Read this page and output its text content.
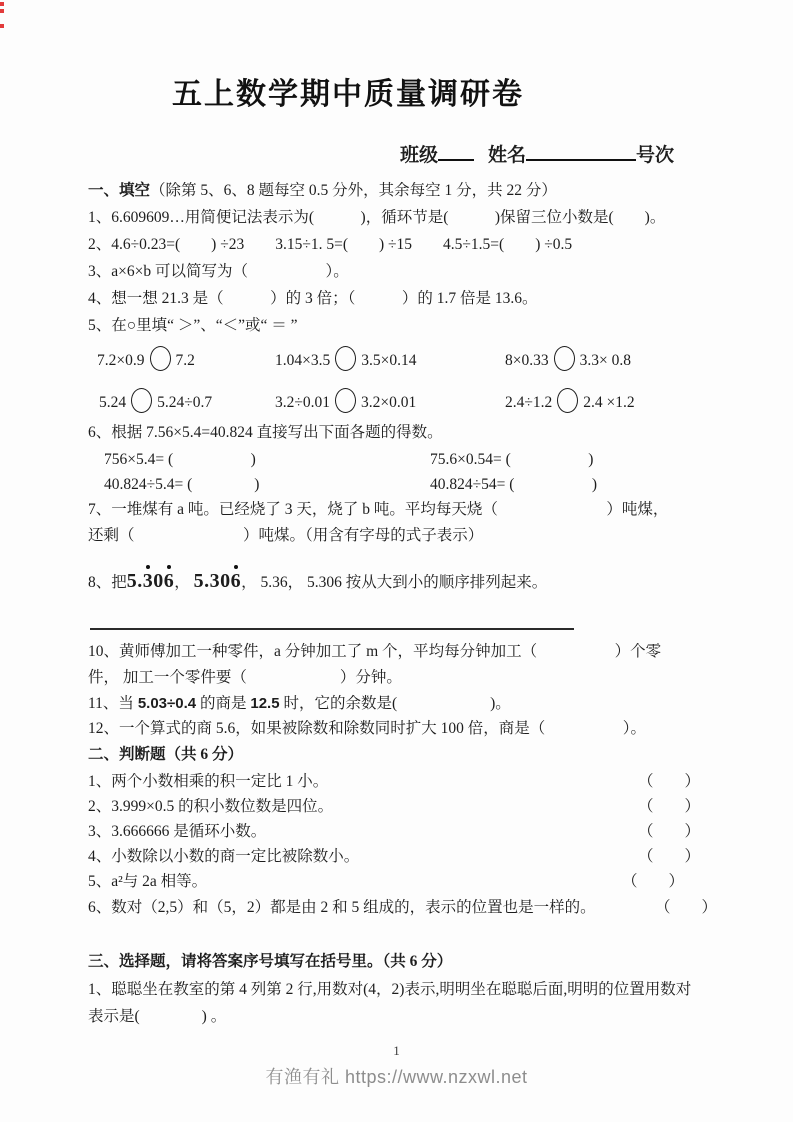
五上数学期中质量调研卷
班级	姓名	号次
一、填空（除第 5、6、8 题每空 0.5 分外，其余每空 1 分，共 22 分）
1、6.609609…用简便记法表示为(　　　)，循环节是(　　　)保留三位小数是(　　)。
2、4.6÷0.23=(　　) ÷23　　3.15÷1. 5=(　　) ÷15　　4.5÷1.5=(　　) ÷0.5
3、a×6×b 可以简写为（　　　　　）。
4、想一想 21.3 是（　　　）的 3 倍；（　　　）的 1.7 倍是 13.6。
5、在○里填“ ＞”、“＜”或“ ＝ ”
7.2×0.9 7.2	1.04×3.5 3.5×0.14	8×0.33 3.3× 0.8
5.24 5.24÷0.7	3.2÷0.01 3.2×0.01	2.4÷1.2 2.4 ×1.2
6、根据 7.56×5.4=40.824 直接写出下面各题的得数。
756×5.4= (　　　　　)	75.6×0.54= (　　　　　)
40.824÷5.4= (　　　　)	40.824÷54= (　　　　　)
7、一堆煤有 a 吨。已经烧了 3 天，烧了 b 吨。平均每天烧（　　　　　　　）吨煤，
还剩（　　　　　　　）吨煤。（用含有字母的式子表示）
8、把5.306， 5.306， 5.36， 5.306 按从大到小的顺序排列起来。
10、黄师傅加工一种零件，a 分钟加工了 m 个，平均每分钟加工（　　　　　）个零
件， 加工一个零件要（　　　　　　）分钟。
11、当 5.03÷0.4 的商是 12.5 时，它的余数是(　　　　　　)。
12、一个算式的商 5.6，如果被除数和除数同时扩大 100 倍，商是（　　　　　）。
二、判断题（共 6 分）
1、两个小数相乘的积一定比 1 小。	（　　）
2、3.999×0.5 的积小数位数是四位。	（　　）
3、3.666666 是循环小数。	（　　）
4、小数除以小数的商一定比被除数小。	（　　）
5、a²与 2a 相等。	（　　）
6、数对（2,5）和（5，2）都是由 2 和 5 组成的，表示的位置也是一样的。	（　　）
三、选择题，请将答案序号填写在括号里。（共 6 分）
1、聪聪坐在教室的第 4 列第 2 行,用数对(4，2)表示,明明坐在聪聪后面,明明的位置用数对
表示是(　　　　) 。
1
有渔有礼 https://www.nzxwl.net
